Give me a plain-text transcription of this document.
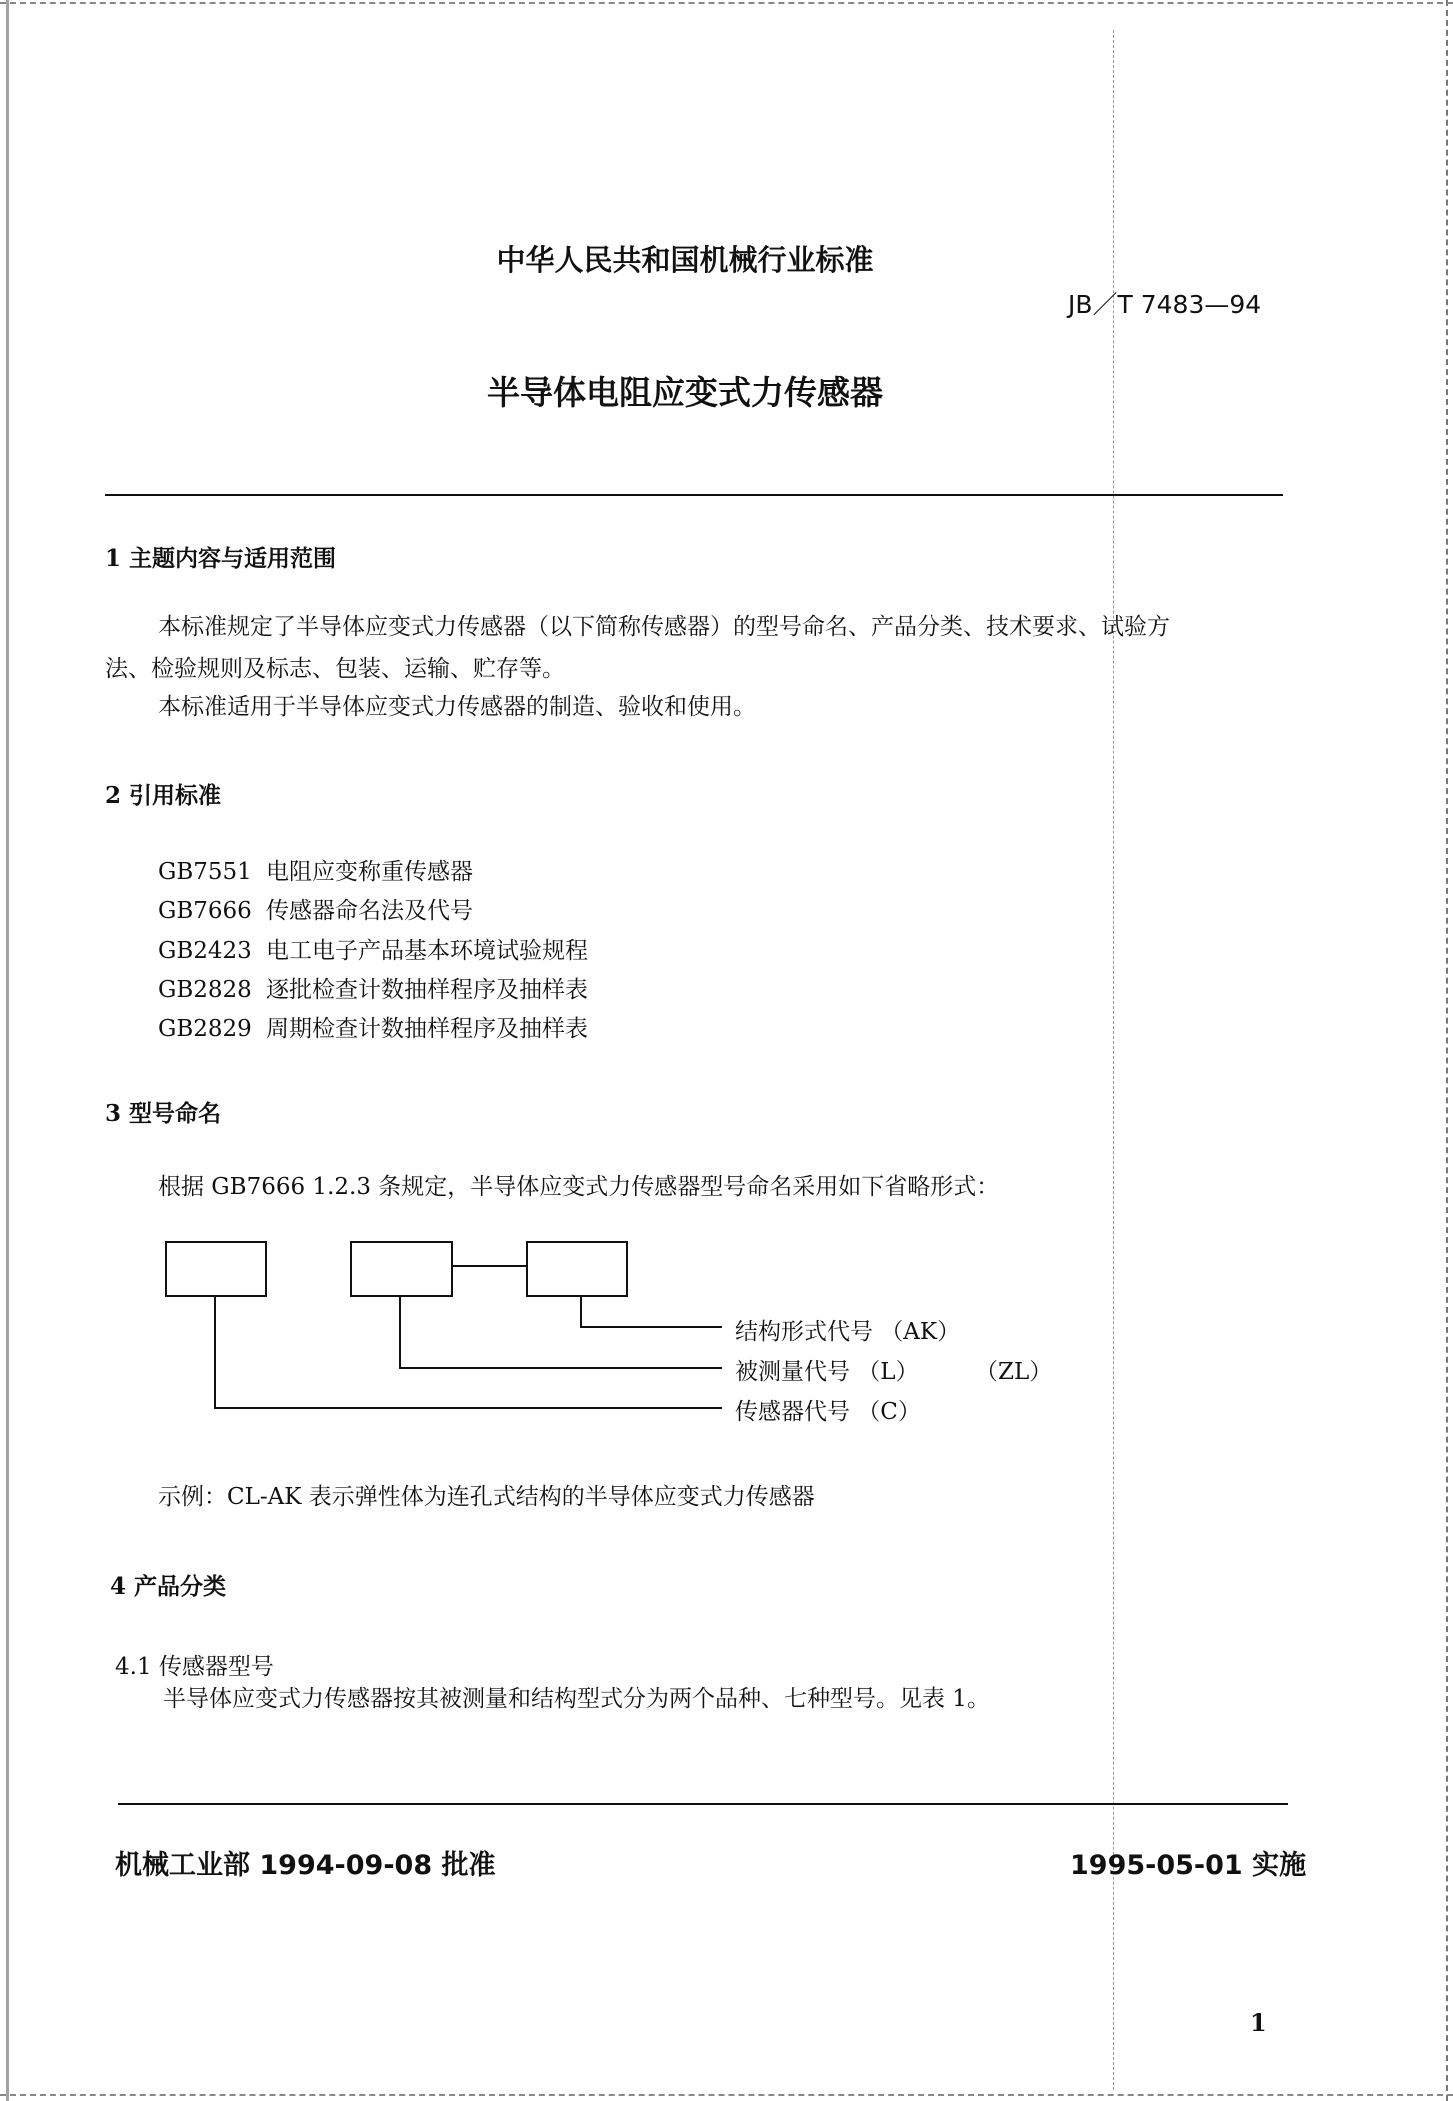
中华人民共和国机械行业标准
JB／T 7483—94
半导体电阻应变式力传感器
1 主题内容与适用范围
本标准规定了半导体应变式力传感器（以下简称传感器）的型号命名、产品分类、技术要求、试验方
法、检验规则及标志、包装、运输、贮存等。
本标准适用于半导体应变式力传感器的制造、验收和使用。
2 引用标准
GB7551 电阻应变称重传感器
GB7666 传感器命名法及代号
GB2423 电工电子产品基本环境试验规程
GB2828 逐批检查计数抽样程序及抽样表
GB2829 周期检查计数抽样程序及抽样表
3 型号命名
根据 GB7666 1.2.3 条规定，半导体应变式力传感器型号命名采用如下省略形式：
结构形式代号 （AK）
被测量代号 （L） （ZL）
传感器代号 （C）
示例：CL-AK 表示弹性体为连孔式结构的半导体应变式力传感器
4 产品分类
4.1 传感器型号
半导体应变式力传感器按其被测量和结构型式分为两个品种、七种型号。见表 1。
机械工业部 1994-09-08 批准	1995-05-01 实施
1
